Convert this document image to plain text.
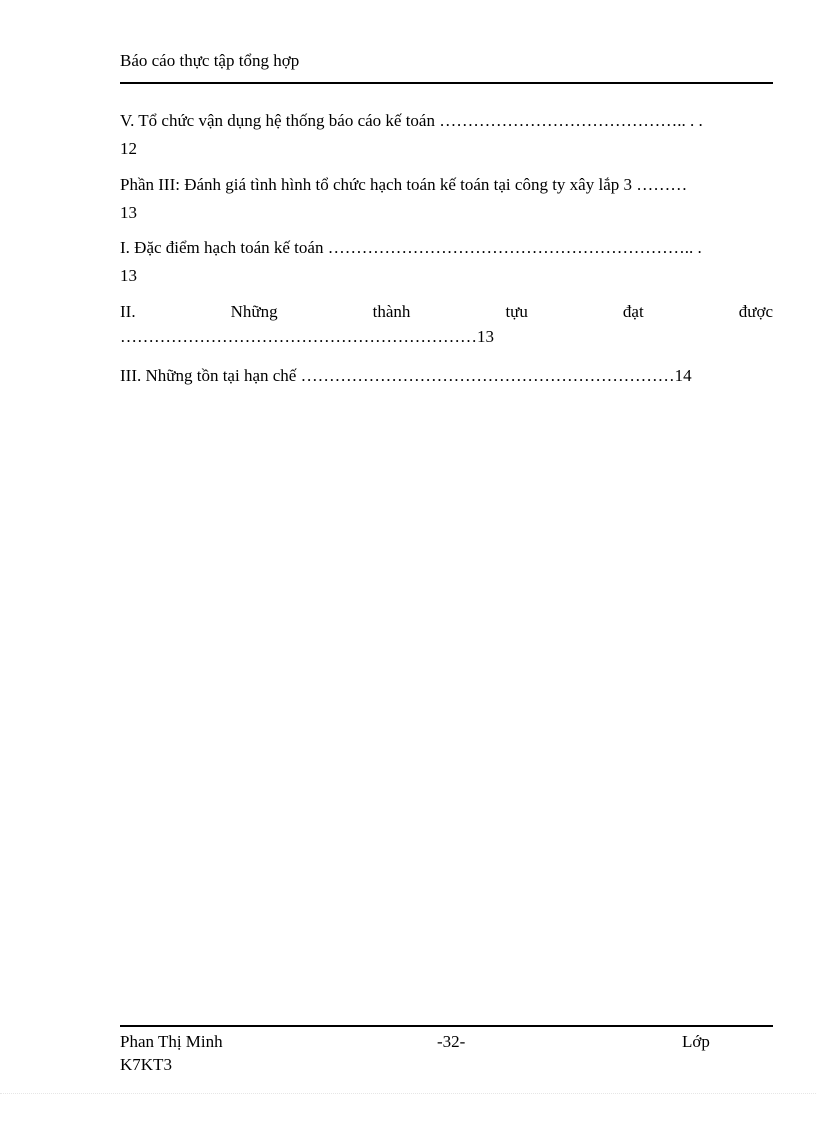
Báo cáo thực tập tổng hợp
V. Tổ chức vận dụng hệ thống báo cáo kế toán …………………………………….. . .
12
Phần III: Đánh giá tình hình tổ chức hạch toán kế toán tại công ty xây lắp 3 ………
13
I. Đặc điểm hạch toán kế toán ……………………………………………………….. .
13
II.	Những	thành	tựu	đạt	được
………………………………………………………13
III. Những tồn tại hạn chế …………………………………………………………14
Phan Thị Minh	-32-	Lớp
K7KT3
